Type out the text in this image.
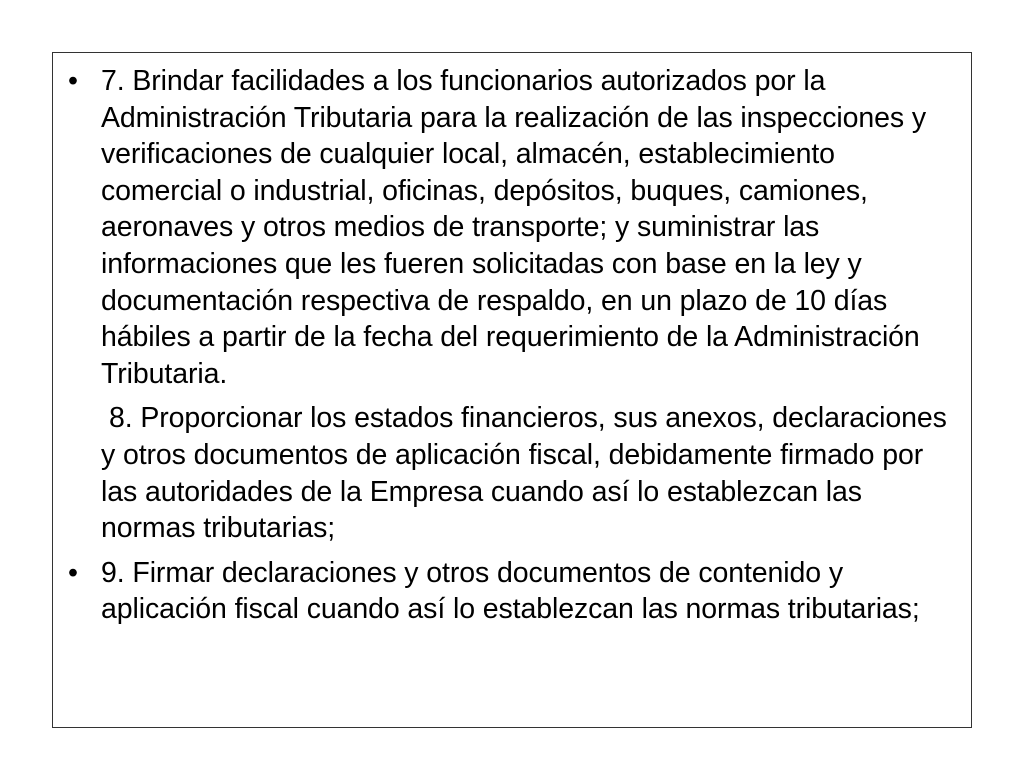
• 7. Brindar facilidades a los funcionarios autorizados por la Administración Tributaria para la realización de las inspecciones y verificaciones de cualquier local, almacén, establecimiento comercial o industrial, oficinas, depósitos, buques, camiones, aeronaves y otros medios de transporte; y suministrar las informaciones que les fueren solicitadas con base en la ley y documentación respectiva de respaldo, en un plazo de 10 días hábiles a partir de la fecha del requerimiento de la Administración Tributaria.
8. Proporcionar los estados financieros, sus anexos, declaraciones y otros documentos de aplicación fiscal, debidamente firmado por las autoridades de la Empresa cuando así lo establezcan las normas tributarias;
• 9. Firmar declaraciones y otros documentos de contenido y aplicación fiscal cuando así lo establezcan las normas tributarias;
